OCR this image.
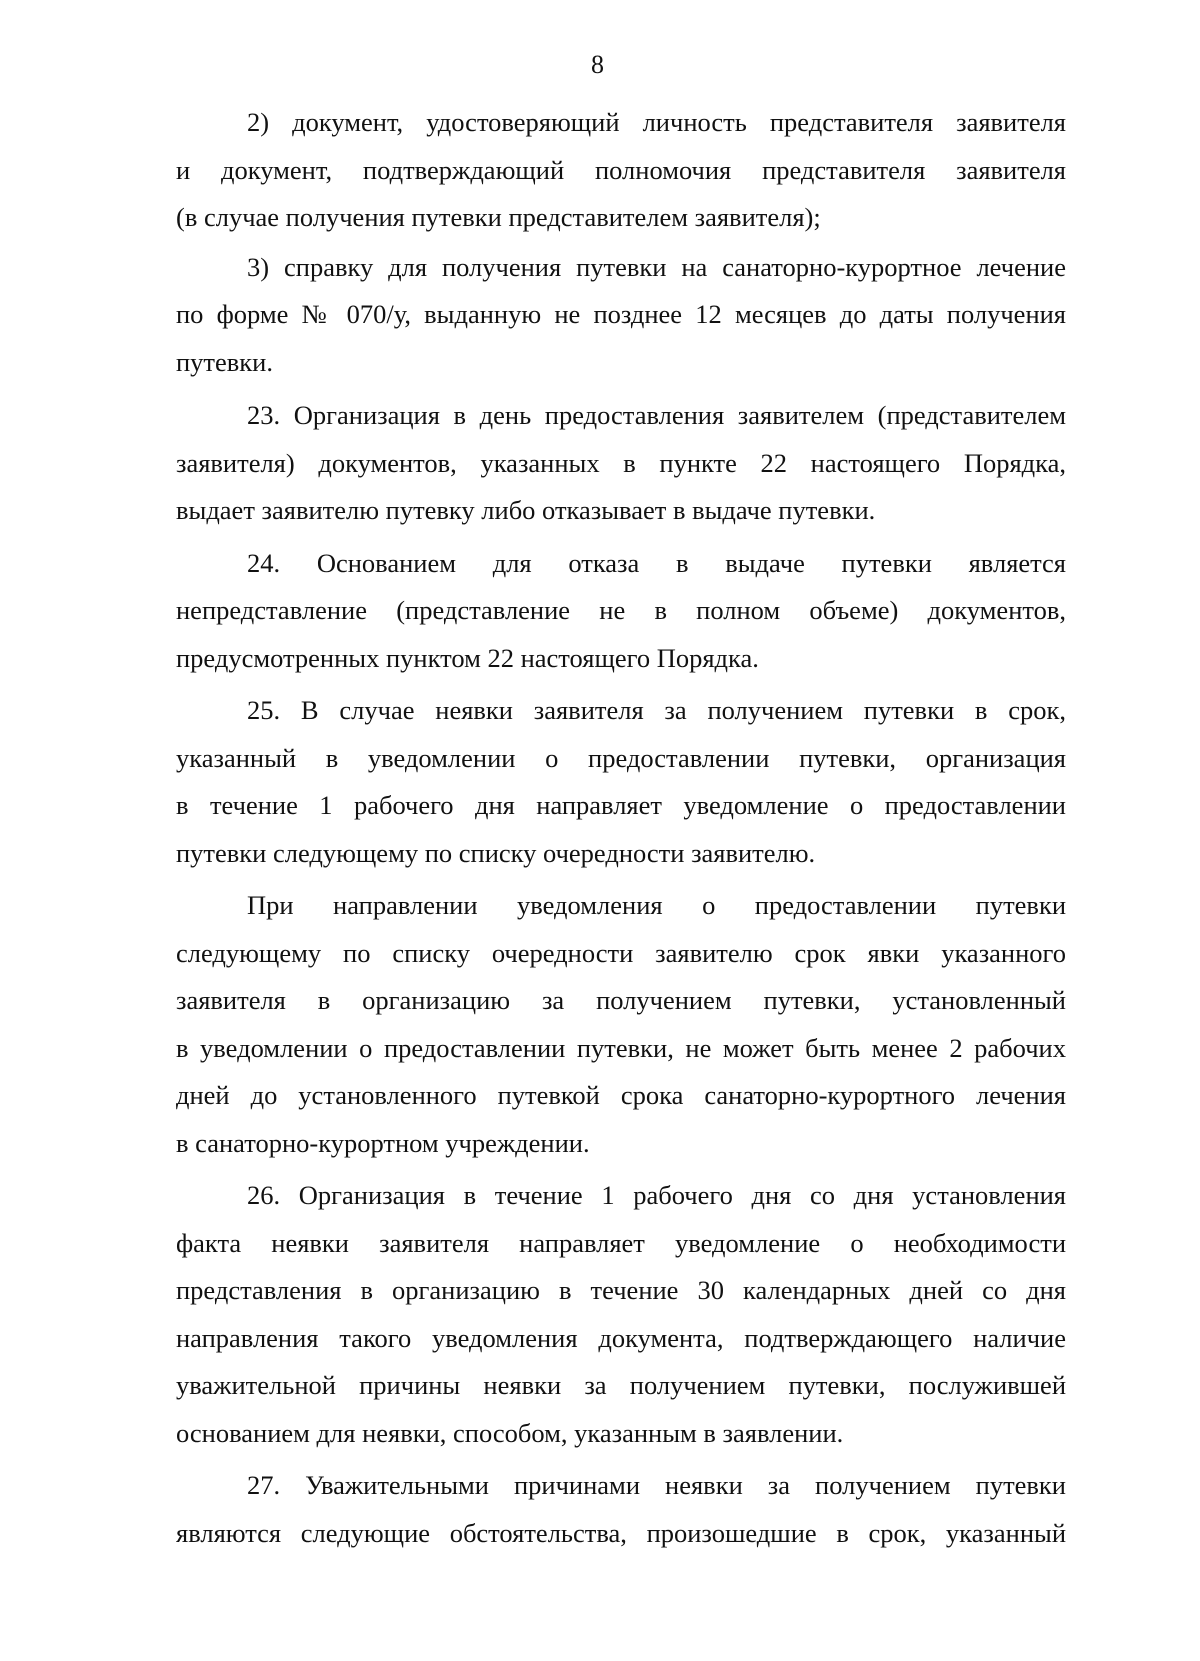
8
2) документ, удостоверяющий личность представителя заявителя
и документ, подтверждающий полномочия представителя заявителя
(в случае получения путевки представителем заявителя);
3) справку для получения путевки на санаторно-курортное лечение
по форме № 070/у, выданную не позднее 12 месяцев до даты получения
путевки.
23. Организация в день предоставления заявителем (представителем
заявителя) документов, указанных в пункте 22 настоящего Порядка,
выдает заявителю путевку либо отказывает в выдаче путевки.
24. Основанием для отказа в выдаче путевки является
непредставление (представление не в полном объеме) документов,
предусмотренных пунктом 22 настоящего Порядка.
25. В случае неявки заявителя за получением путевки в срок,
указанный в уведомлении о предоставлении путевки, организация
в течение 1 рабочего дня направляет уведомление о предоставлении
путевки следующему по списку очередности заявителю.
При направлении уведомления о предоставлении путевки
следующему по списку очередности заявителю срок явки указанного
заявителя в организацию за получением путевки, установленный
в уведомлении о предоставлении путевки, не может быть менее 2 рабочих
дней до установленного путевкой срока санаторно-курортного лечения
в санаторно-курортном учреждении.
26. Организация в течение 1 рабочего дня со дня установления
факта неявки заявителя направляет уведомление о необходимости
представления в организацию в течение 30 календарных дней со дня
направления такого уведомления документа, подтверждающего наличие
уважительной причины неявки за получением путевки, послужившей
основанием для неявки, способом, указанным в заявлении.
27. Уважительными причинами неявки за получением путевки
являются следующие обстоятельства, произошедшие в срок, указанный
